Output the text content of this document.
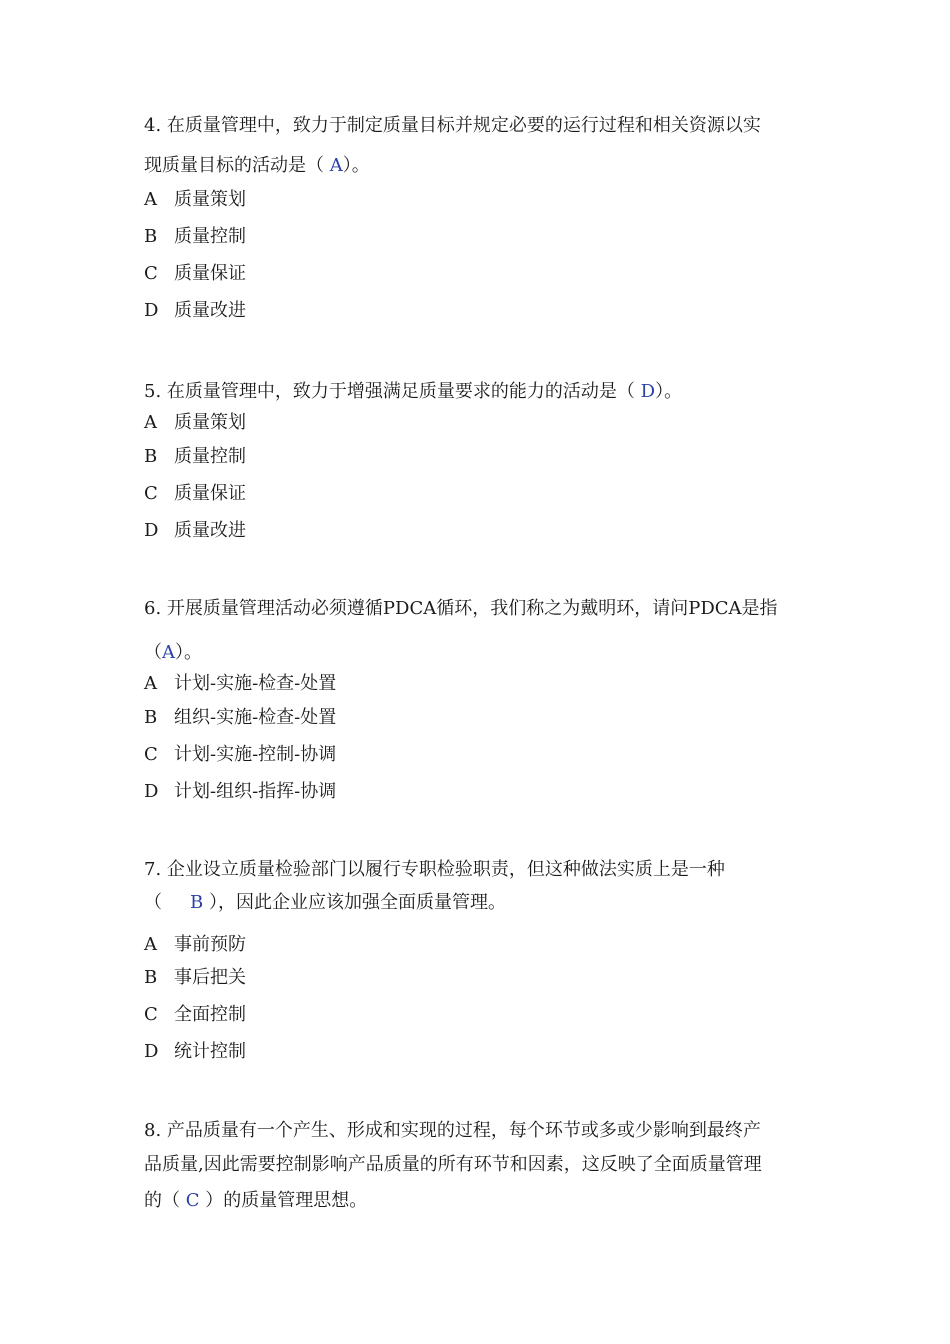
4. 在质量管理中，致力于制定质量目标并规定必要的运行过程和相关资源以实
现质量目标的活动是（ A）。
A 质量策划
B 质量控制
C 质量保证
D 质量改进
5. 在质量管理中，致力于增强满足质量要求的能力的活动是（ D）。
A 质量策划
B 质量控制
C 质量保证
D 质量改进
6. 开展质量管理活动必须遵循PDCA循环，我们称之为戴明环，请问PDCA是指
（A）。
A 计划-实施-检查-处置
B 组织-实施-检查-处置
C 计划-实施-控制-协调
D 计划-组织-指挥-协调
7. 企业设立质量检验部门以履行专职检验职责，但这种做法实质上是一种
（ B ），因此企业应该加强全面质量管理。
A 事前预防
B 事后把关
C 全面控制
D 统计控制
8. 产品质量有一个产生、形成和实现的过程，每个环节或多或少影响到最终产
品质量,因此需要控制影响产品质量的所有环节和因素，这反映了全面质量管理
的（ C ）的质量管理思想。
